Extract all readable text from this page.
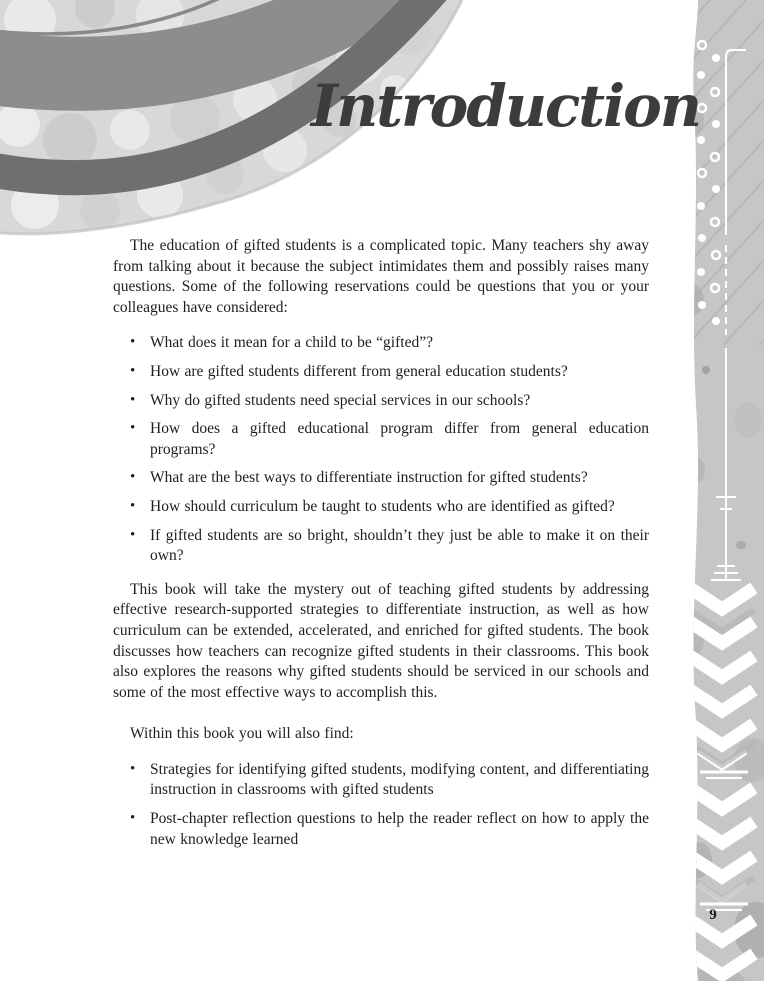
Introduction
9

The education of gifted students is a complicated topic. Many teachers shy away from talking about it because the subject intimidates them and possibly raises many questions. Some of the following reservations could be questions that you or your colleagues have considered:

• What does it mean for a child to be “gifted”?
• How are gifted students different from general education students?
• Why do gifted students need special services in our schools?
• How does a gifted educational program differ from general education programs?
• What are the best ways to differentiate instruction for gifted students?
• How should curriculum be taught to students who are identified as gifted?
• If gifted students are so bright, shouldn’t they just be able to make it on their own?

This book will take the mystery out of teaching gifted students by addressing effective research-supported strategies to differentiate instruction, as well as how curriculum can be extended, accelerated, and enriched for gifted students. The book discusses how teachers can recognize gifted students in their classrooms. This book also explores the reasons why gifted students should be serviced in our schools and some of the most effective ways to accomplish this.

Within this book you will also find:

• Strategies for identifying gifted students, modifying content, and differentiating instruction in classrooms with gifted students
• Post-chapter reflection questions to help the reader reflect on how to apply the new knowledge learned
